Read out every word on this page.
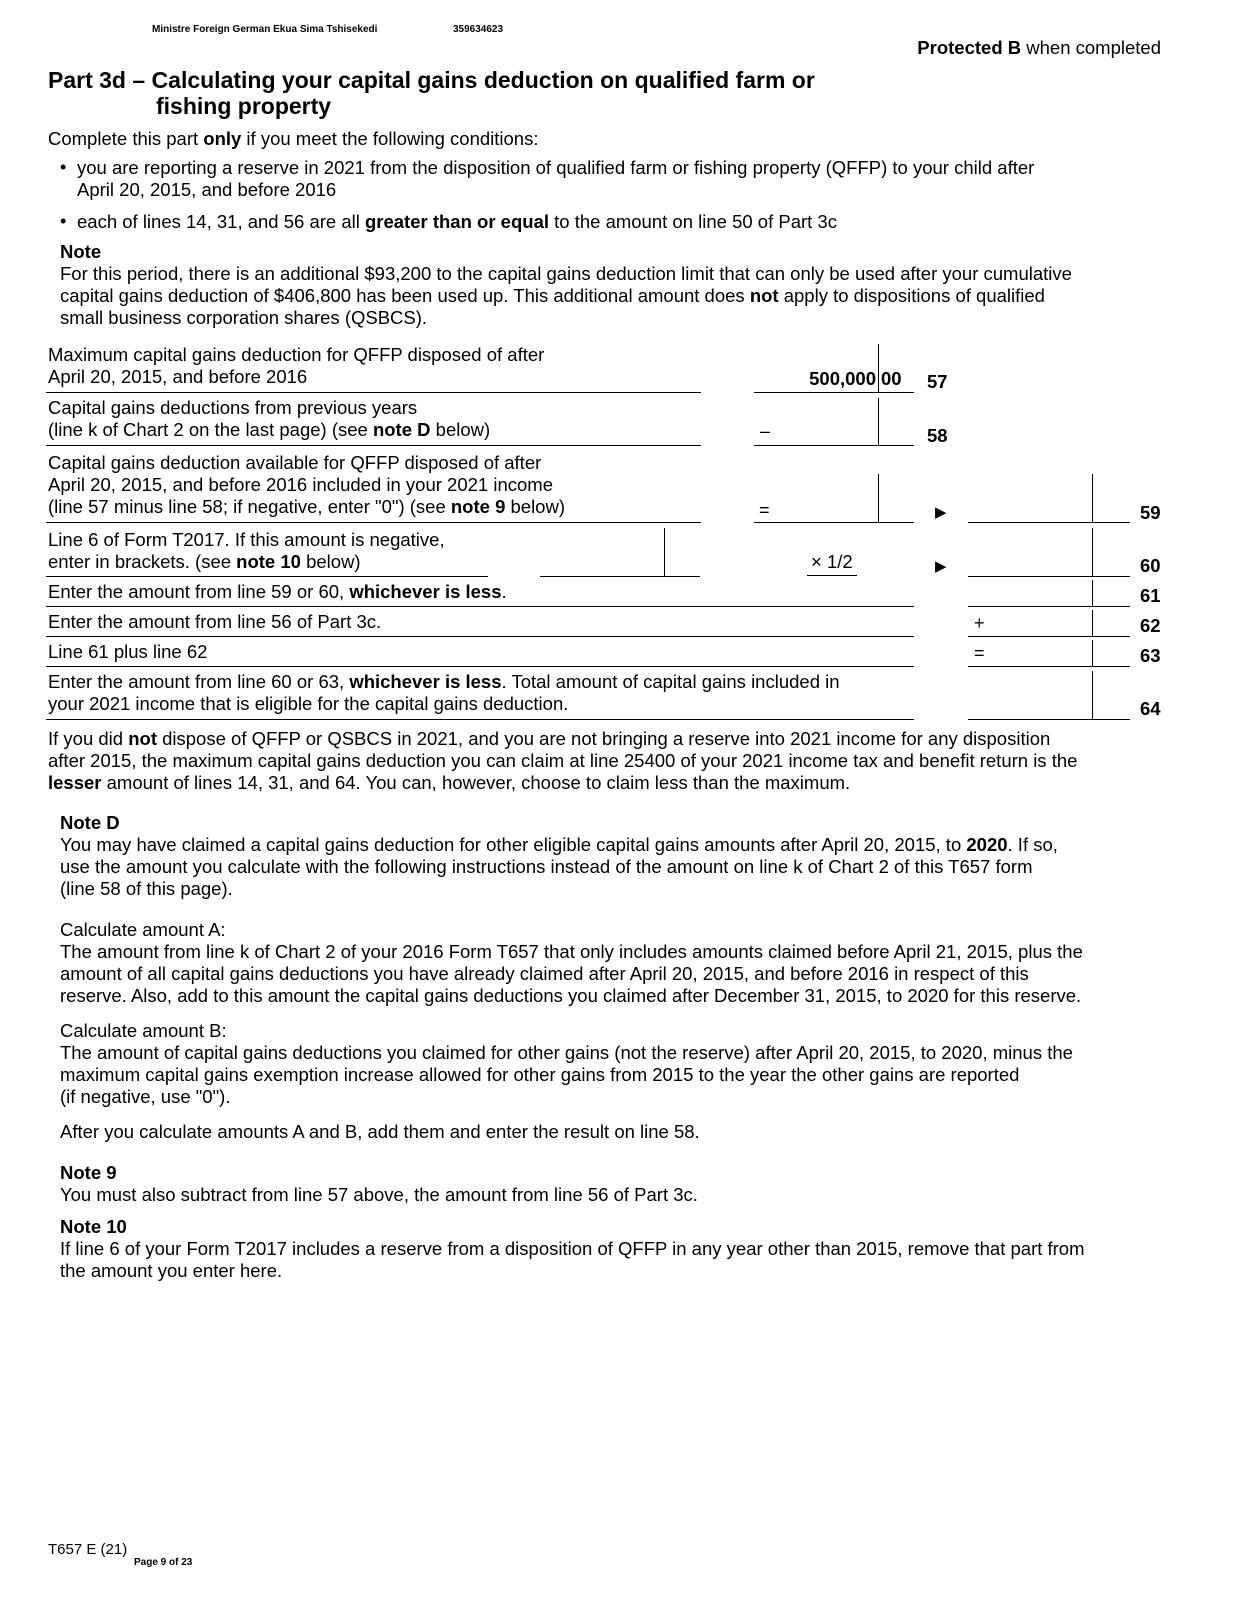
Ministre Foreign German Ekua Sima Tshisekedi	359634623
Protected B when completed
Part 3d – Calculating your capital gains deduction on qualified farm or
fishing property
Complete this part only if you meet the following conditions:
• you are reporting a reserve in 2021 from the disposition of qualified farm or fishing property (QFFP) to your child after
April 20, 2015, and before 2016
• each of lines 14, 31, and 56 are all greater than or equal to the amount on line 50 of Part 3c
Note
For this period, there is an additional $93,200 to the capital gains deduction limit that can only be used after your cumulative
capital gains deduction of $406,800 has been used up. This additional amount does not apply to dispositions of qualified
small business corporation shares (QSBCS).
Maximum capital gains deduction for QFFP disposed of after
April 20, 2015, and before 2016	500,000 00 57
Capital gains deductions from previous years
(line k of Chart 2 on the last page) (see note D below)	–	58
Capital gains deduction available for QFFP disposed of after
April 20, 2015, and before 2016 included in your 2021 income
(line 57 minus line 58; if negative, enter "0") (see note 9 below)	=	▶	59
Line 6 of Form T2017. If this amount is negative,
enter in brackets. (see note 10 below)	× 1/2	▶	60
Enter the amount from line 59 or 60, whichever is less.	61
Enter the amount from line 56 of Part 3c.	+	62
Line 61 plus line 62	=	63
Enter the amount from line 60 or 63, whichever is less. Total amount of capital gains included in
your 2021 income that is eligible for the capital gains deduction.	64
If you did not dispose of QFFP or QSBCS in 2021, and you are not bringing a reserve into 2021 income for any disposition
after 2015, the maximum capital gains deduction you can claim at line 25400 of your 2021 income tax and benefit return is the
lesser amount of lines 14, 31, and 64. You can, however, choose to claim less than the maximum.
Note D
You may have claimed a capital gains deduction for other eligible capital gains amounts after April 20, 2015, to 2020. If so,
use the amount you calculate with the following instructions instead of the amount on line k of Chart 2 of this T657 form
(line 58 of this page).
Calculate amount A:
The amount from line k of Chart 2 of your 2016 Form T657 that only includes amounts claimed before April 21, 2015, plus the
amount of all capital gains deductions you have already claimed after April 20, 2015, and before 2016 in respect of this
reserve. Also, add to this amount the capital gains deductions you claimed after December 31, 2015, to 2020 for this reserve.
Calculate amount B:
The amount of capital gains deductions you claimed for other gains (not the reserve) after April 20, 2015, to 2020, minus the
maximum capital gains exemption increase allowed for other gains from 2015 to the year the other gains are reported
(if negative, use "0").
After you calculate amounts A and B, add them and enter the result on line 58.
Note 9
You must also subtract from line 57 above, the amount from line 56 of Part 3c.
Note 10
If line 6 of your Form T2017 includes a reserve from a disposition of QFFP in any year other than 2015, remove that part from
the amount you enter here.
T657 E (21)
Page 9 of 23
